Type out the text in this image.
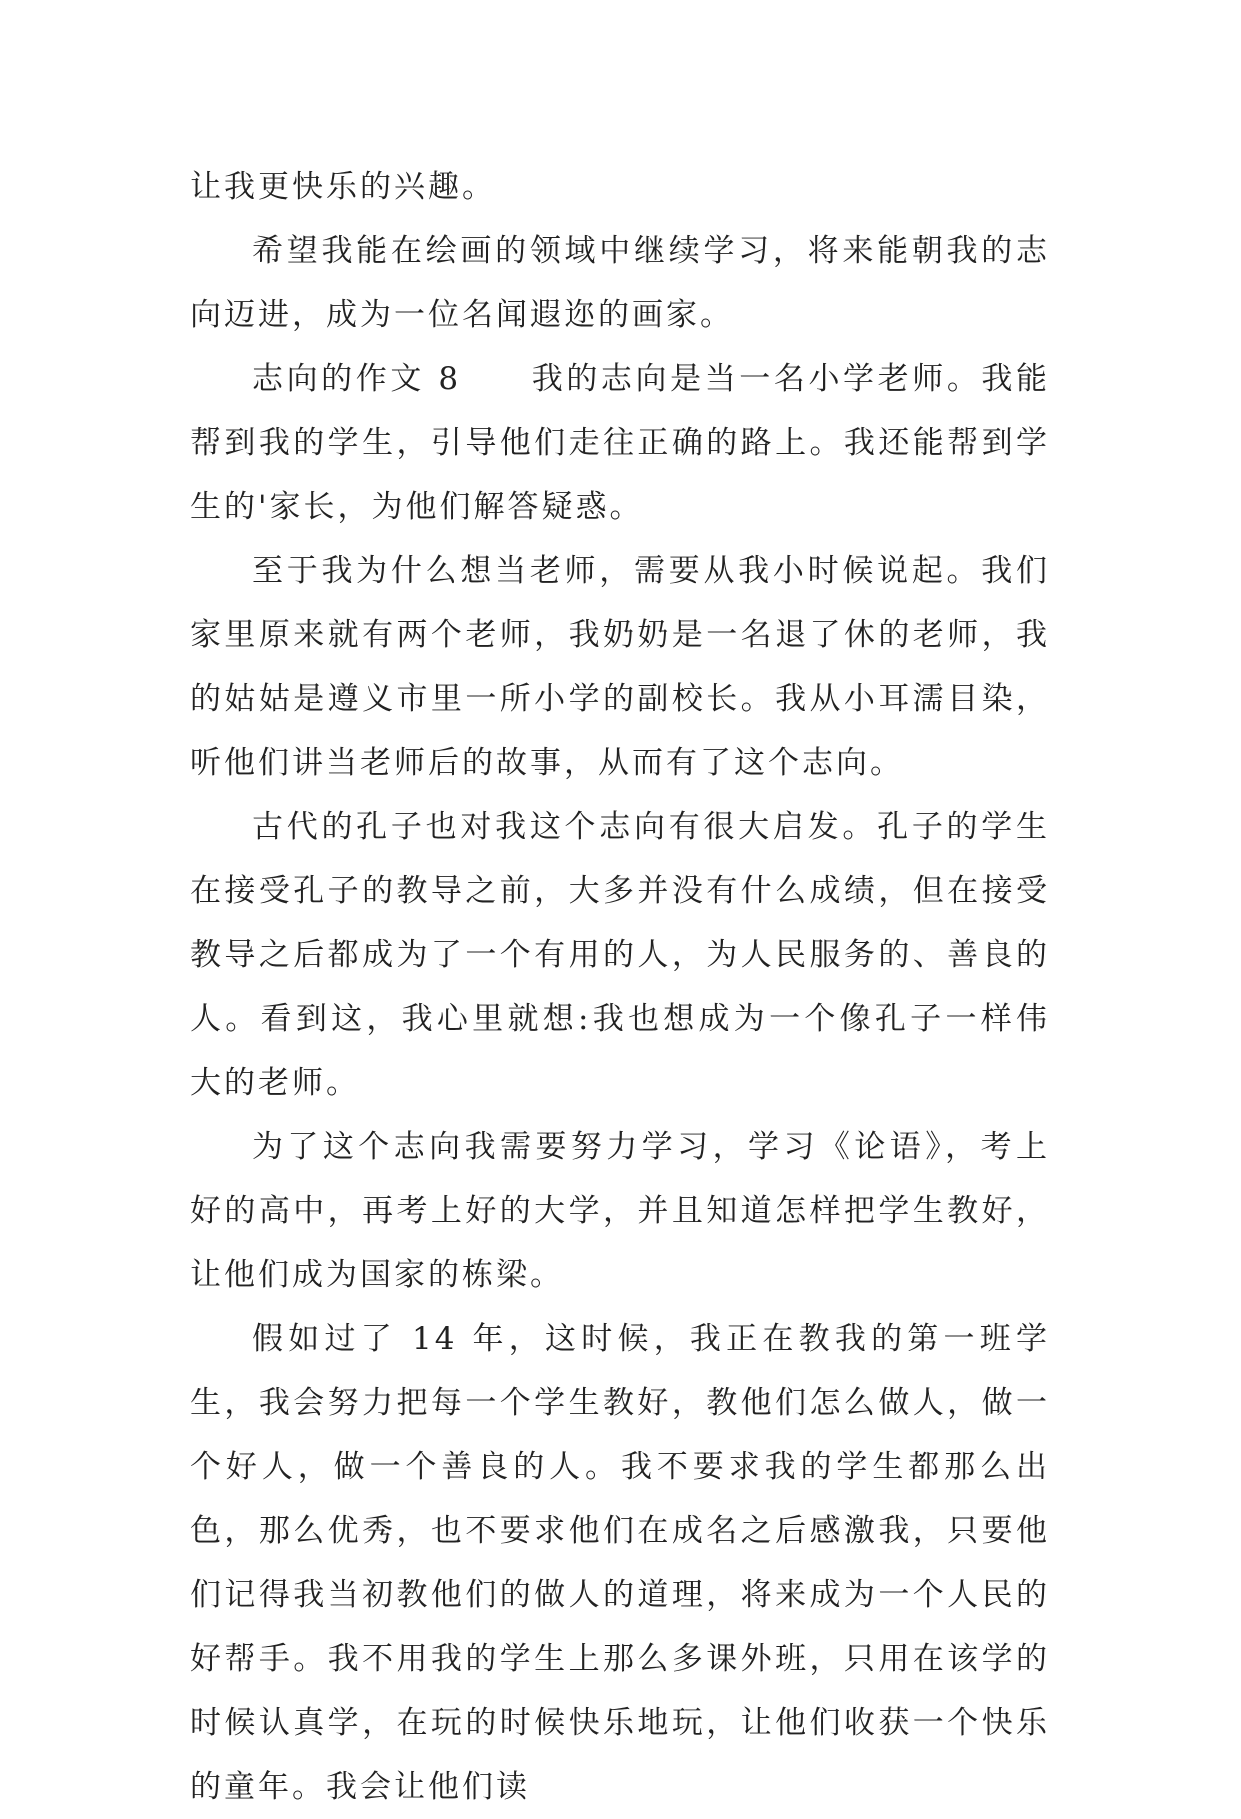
让我更快乐的兴趣。

希望我能在绘画的领域中继续学习，将来能朝我的志向迈进，成为一位名闻遐迩的画家。

志向的作文 8 我的志向是当一名小学老师。我能帮到我的学生，引导他们走往正确的路上。我还能帮到学生的'家长，为他们解答疑惑。

至于我为什么想当老师，需要从我小时候说起。我们家里原来就有两个老师，我奶奶是一名退了休的老师，我的姑姑是遵义市里一所小学的副校长。我从小耳濡目染，听他们讲当老师后的故事，从而有了这个志向。

古代的孔子也对我这个志向有很大启发。孔子的学生在接受孔子的教导之前，大多并没有什么成绩，但在接受教导之后都成为了一个有用的人，为人民服务的、善良的人。看到这，我心里就想:我也想成为一个像孔子一样伟大的老师。

为了这个志向我需要努力学习，学习《论语》，考上好的高中，再考上好的大学，并且知道怎样把学生教好，让他们成为国家的栋梁。

假如过了 14 年，这时候，我正在教我的第一班学生，我会努力把每一个学生教好，教他们怎么做人，做一个好人，做一个善良的人。我不要求我的学生都那么出色，那么优秀，也不要求他们在成名之后感激我，只要他们记得我当初教他们的做人的道理，将来成为一个人民的好帮手。我不用我的学生上那么多课外班，只用在该学的时候认真学，在玩的时候快乐地玩，让他们收获一个快乐的童年。我会让他们读
